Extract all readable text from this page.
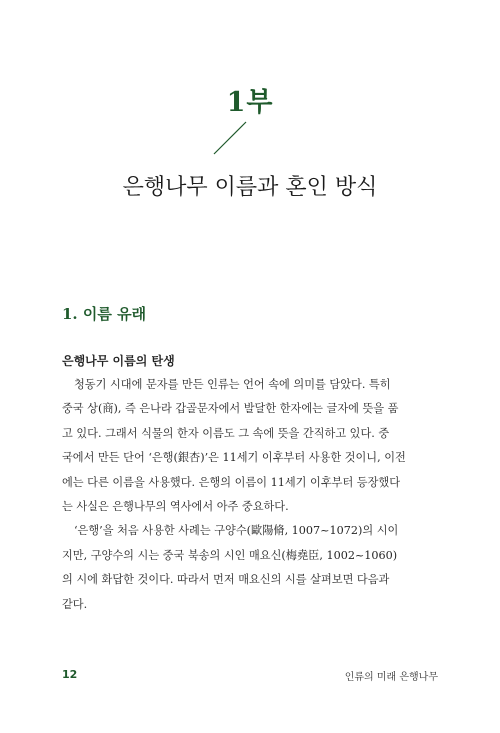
1부
은행나무 이름과 혼인 방식
1. 이름 유래
은행나무 이름의 탄생

청동기 시대에 문자를 만든 인류는 언어 속에 의미를 담았다. 특히
중국 상(商), 즉 은나라 갑골문자에서 발달한 한자에는 글자에 뜻을 품
고 있다. 그래서 식물의 한자 이름도 그 속에 뜻을 간직하고 있다. 중
국에서 만든 단어 ‘은행(銀杏)’은 11세기 이후부터 사용한 것이니, 이전
에는 다른 이름을 사용했다. 은행의 이름이 11세기 이후부터 등장했다
는 사실은 은행나무의 역사에서 아주 중요하다.

‘은행’을 처음 사용한 사례는 구양수(歐陽脩, 1007~1072)의 시이
지만, 구양수의 시는 중국 북송의 시인 매요신(梅堯臣, 1002~1060)
의 시에 화답한 것이다. 따라서 먼저 매요신의 시를 살펴보면 다음과
같다.

12	인류의 미래 은행나무
